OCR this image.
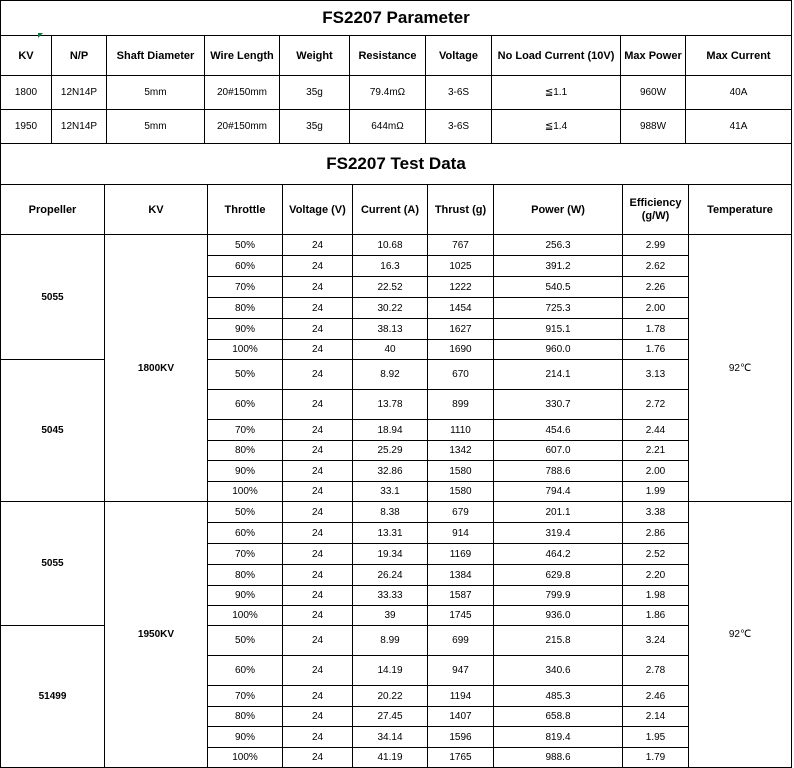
FS2207 Parameter									
KV	N/P	Shaft Diameter	Wire Length	Weight	Resistance	Voltage	No Load Current (10V)	Max Power	Max Current
1800	12N14P	5mm	20#150mm	35g	79.4mΩ	3-6S	≦1.1	960W	40A
1950	12N14P	5mm	20#150mm	35g	644mΩ	3-6S	≦1.4	988W	41A
FS2207 Test Data								
Propeller	KV	Throttle	Voltage (V)	Current (A)	Thrust (g)	Power (W)	Efficiency (g/W)	Temperature
5055	1800KV	50%	24	10.68	767	256.3	2.99	92℃
		60%	24	16.3	1025	391.2	2.62	
		70%	24	22.52	1222	540.5	2.26	
		80%	24	30.22	1454	725.3	2.00	
		90%	24	38.13	1627	915.1	1.78	
		100%	24	40	1690	960.0	1.76	
5045		50%	24	8.92	670	214.1	3.13	
		60%	24	13.78	899	330.7	2.72	
		70%	24	18.94	1110	454.6	2.44	
		80%	24	25.29	1342	607.0	2.21	
		90%	24	32.86	1580	788.6	2.00	
		100%	24	33.1	1580	794.4	1.99	
5055	1950KV	50%	24	8.38	679	201.1	3.38	92℃
		60%	24	13.31	914	319.4	2.86	
		70%	24	19.34	1169	464.2	2.52	
		80%	24	26.24	1384	629.8	2.20	
		90%	24	33.33	1587	799.9	1.98	
		100%	24	39	1745	936.0	1.86	
51499		50%	24	8.99	699	215.8	3.24	
		60%	24	14.19	947	340.6	2.78	
		70%	24	20.22	1194	485.3	2.46	
		80%	24	27.45	1407	658.8	2.14	
		90%	24	34.14	1596	819.4	1.95	
		100%	24	41.19	1765	988.6	1.79	
